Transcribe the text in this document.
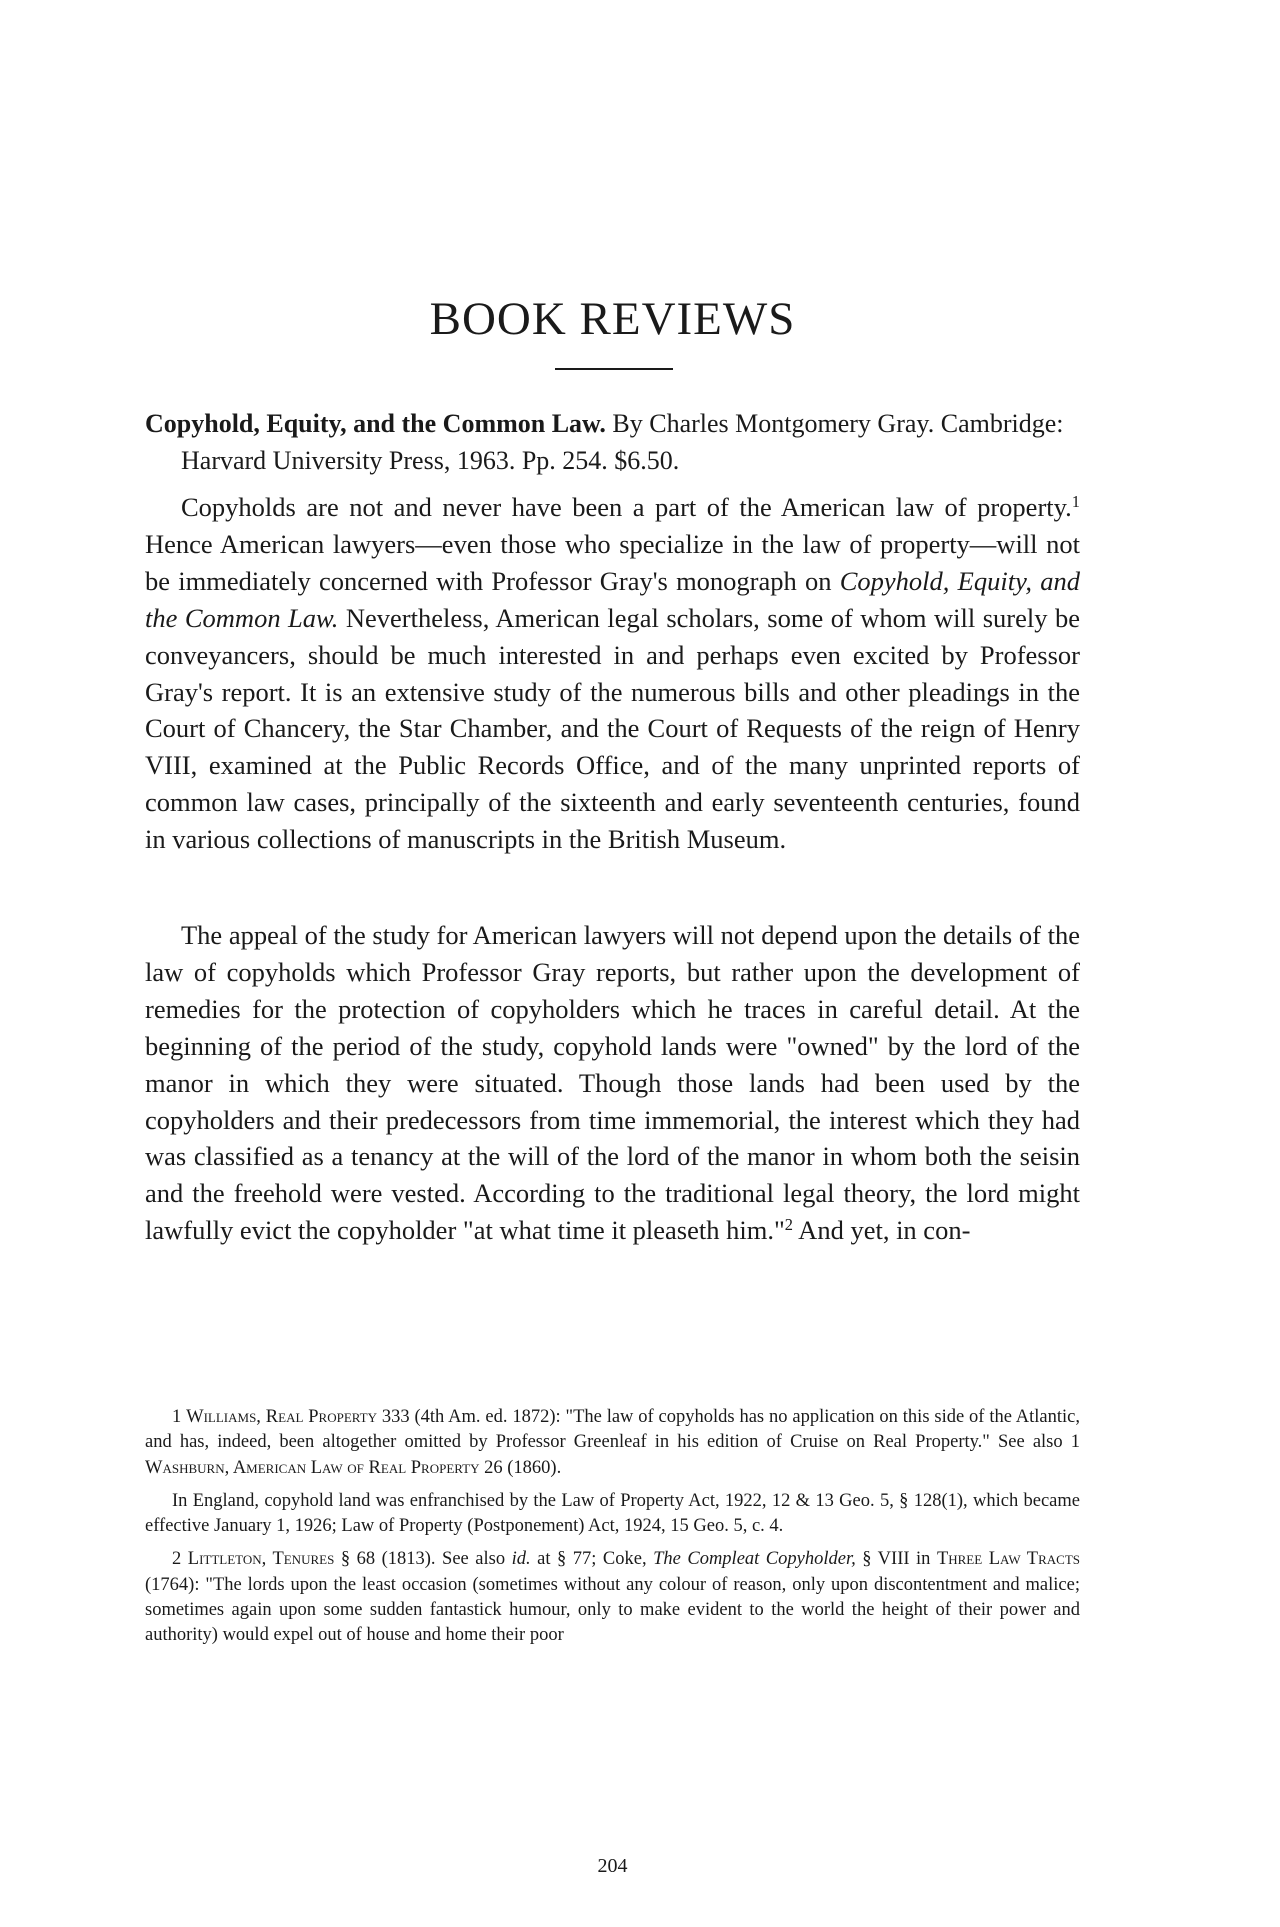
BOOK REVIEWS
Copyhold, Equity, and the Common Law. By Charles Montgomery Gray. Cambridge: Harvard University Press, 1963. Pp. 254. $6.50.

Copyholds are not and never have been a part of the American law of property.$^1$ Hence American lawyers—even those who specialize in the law of property—will not be immediately concerned with Professor Gray's monograph on Copyhold, Equity, and the Common Law. Nevertheless, American legal scholars, some of whom will surely be conveyancers, should be much interested in and perhaps even excited by Professor Gray's report. It is an extensive study of the numerous bills and other pleadings in the Court of Chancery, the Star Chamber, and the Court of Requests of the reign of Henry VIII, examined at the Public Records Office, and of the many unprinted reports of common law cases, principally of the sixteenth and early seventeenth centuries, found in various collections of manuscripts in the British Museum.

The appeal of the study for American lawyers will not depend upon the details of the law of copyholds which Professor Gray reports, but rather upon the development of remedies for the protection of copyholders which he traces in careful detail. At the beginning of the period of the study, copyhold lands were "owned" by the lord of the manor in which they were situated. Though those lands had been used by the copyholders and their predecessors from time immemorial, the interest which they had was classified as a tenancy at the will of the lord of the manor in whom both the seisin and the freehold were vested. According to the traditional legal theory, the lord might lawfully evict the copyholder "at what time it pleaseth him."$^2$ And yet, in con-

1 Williams, Real Property 333 (4th Am. ed. 1872): "The law of copyholds has no application on this side of the Atlantic, and has, indeed, been altogether omitted by Professor Greenleaf in his edition of Cruise on Real Property." See also 1 Washburn, American Law of Real Property 26 (1860).

In England, copyhold land was enfranchised by the Law of Property Act, 1922, 12 & 13 Geo. 5, § 128(1), which became effective January 1, 1926; Law of Property (Postponement) Act, 1924, 15 Geo. 5, c. 4.

2 Littleton, Tenures § 68 (1813). See also id. at § 77; Coke, The Compleat Copyholder, § VIII in Three Law Tracts (1764): "The lords upon the least occasion (sometimes without any colour of reason, only upon discontentment and malice; sometimes again upon some sudden fantastick humour, only to make evident to the world the height of their power and authority) would expel out of house and home their poor

204
